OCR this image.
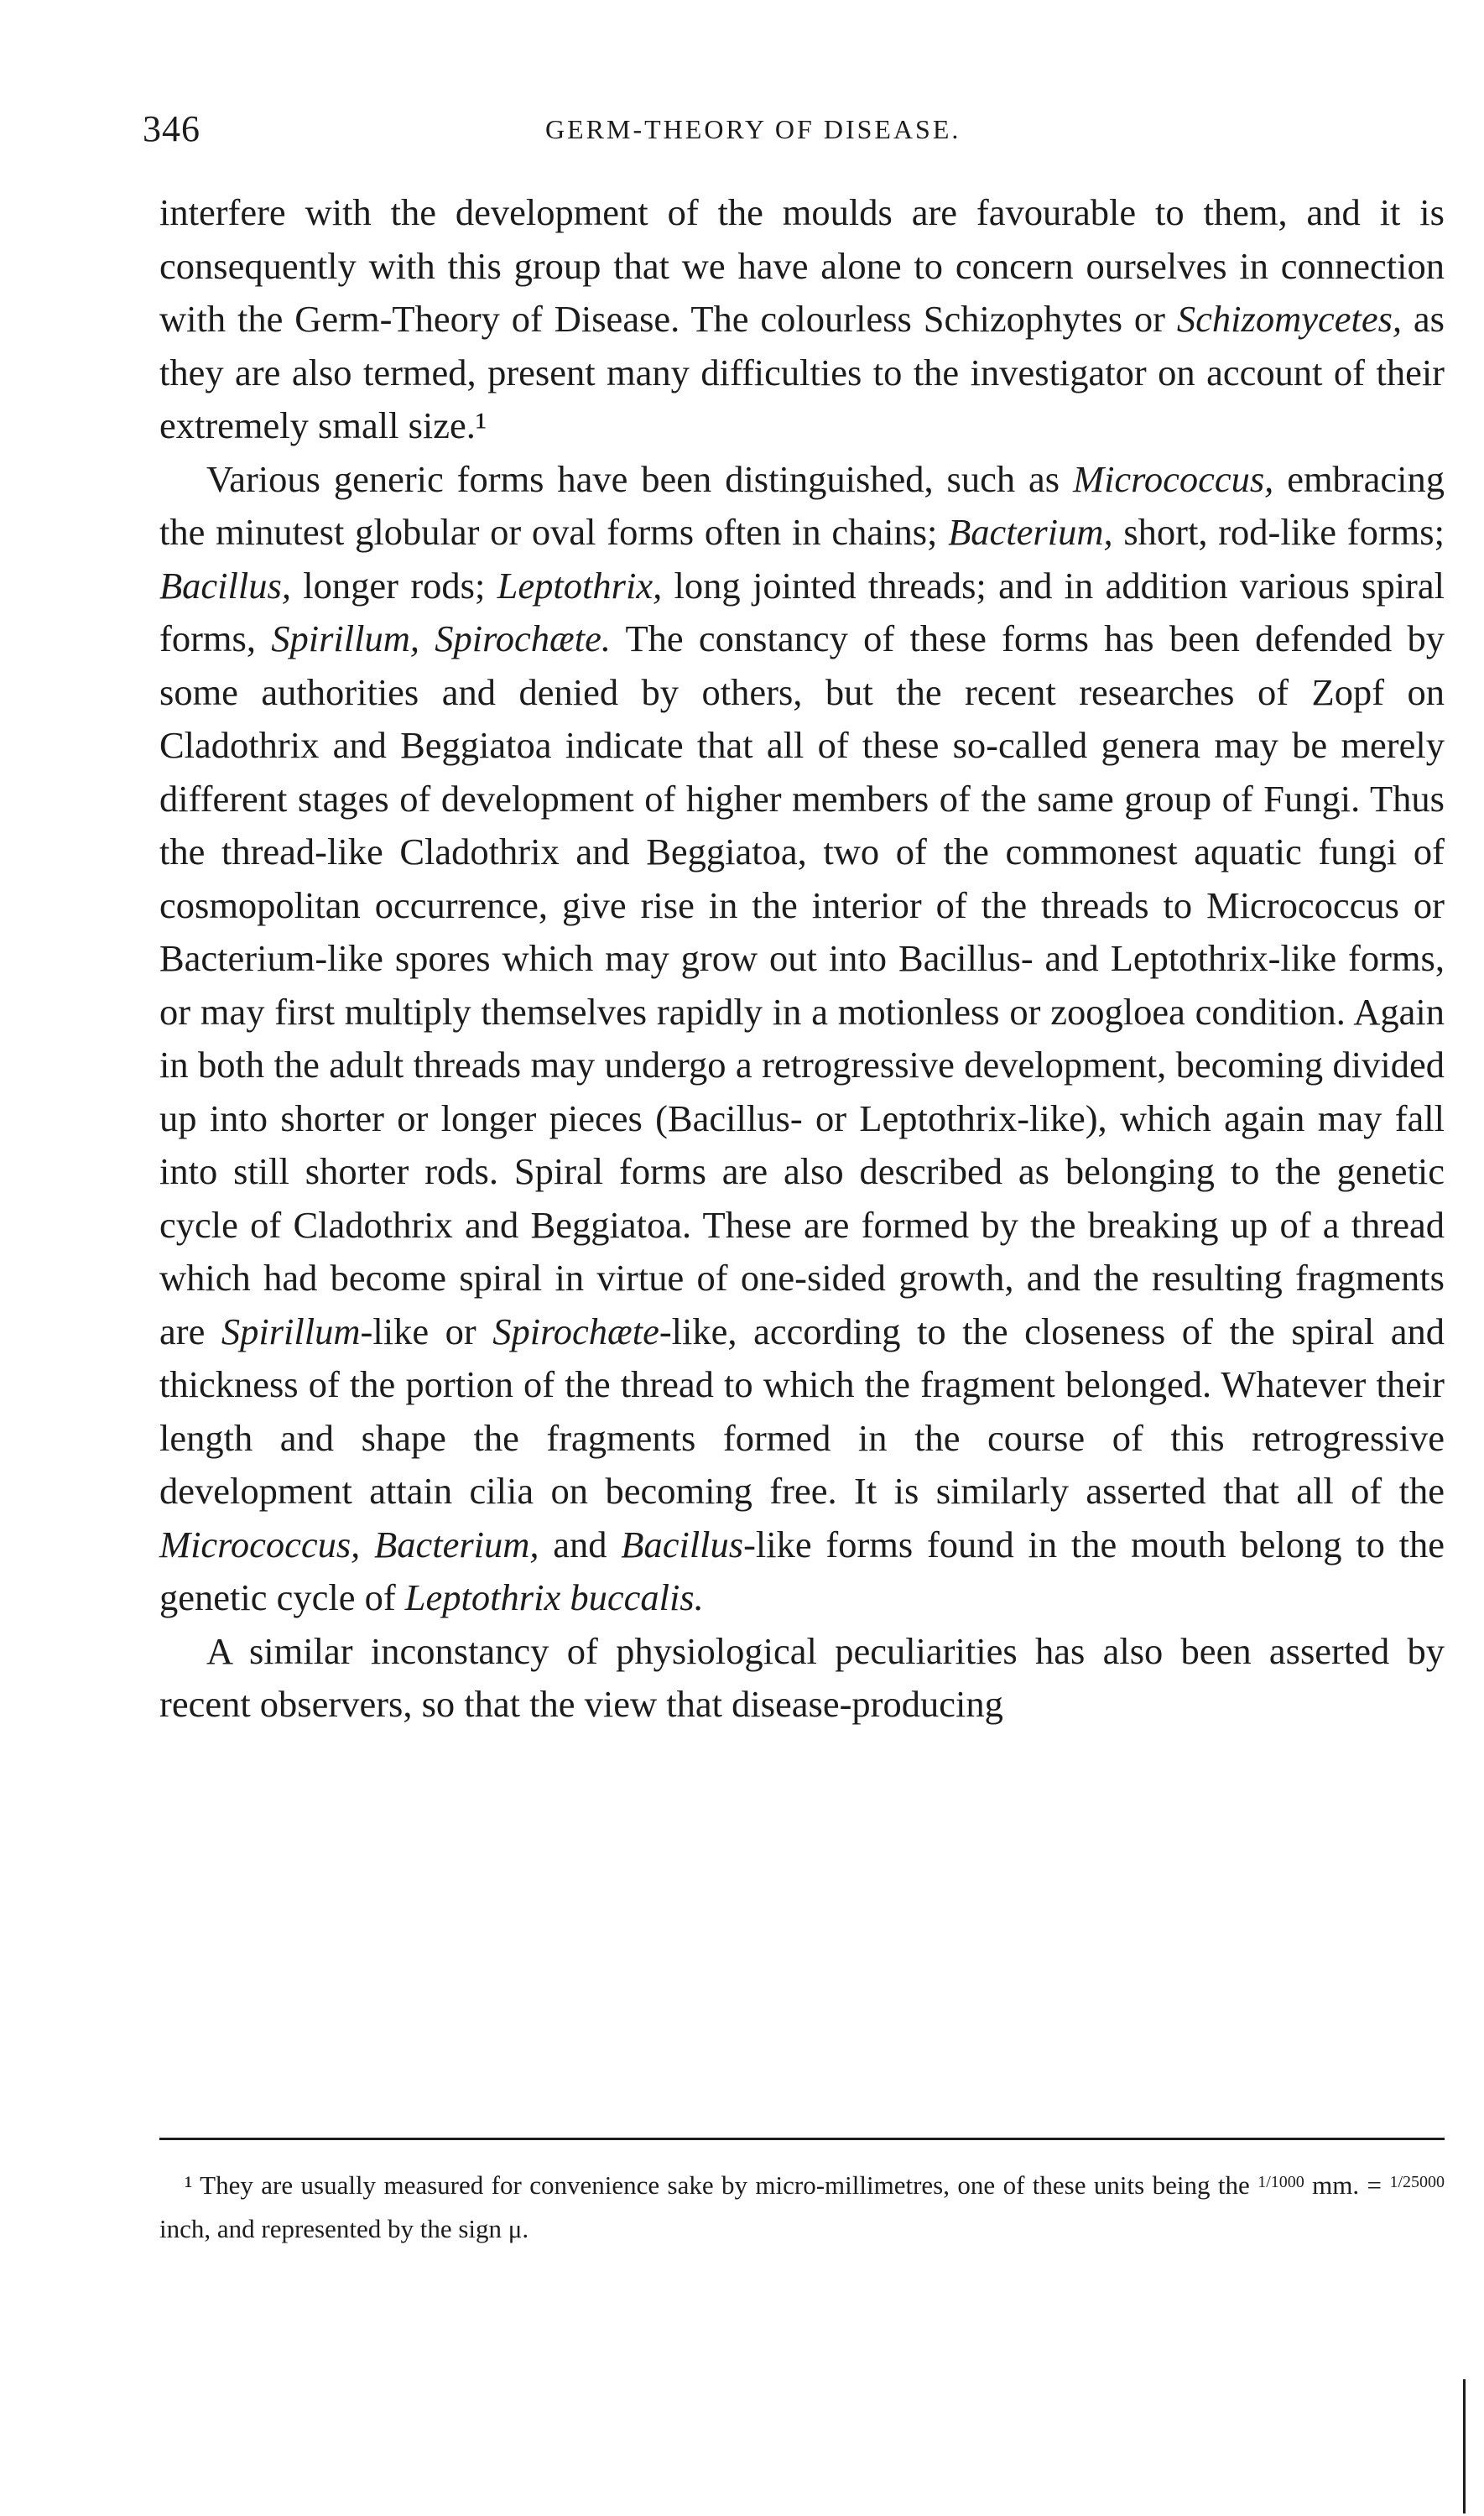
346	GERM-THEORY OF DISEASE.

interfere with the development of the moulds are favourable to them, and it is consequently with this group that we have alone to concern ourselves in connection with the Germ-Theory of Disease. The colourless Schizophytes or Schizomycetes, as they are also termed, present many difficulties to the investigator on account of their extremely small size.¹

Various generic forms have been distinguished, such as Micrococcus, embracing the minutest globular or oval forms often in chains; Bacterium, short, rod-like forms; Bacillus, longer rods; Leptothrix, long jointed threads; and in addition various spiral forms, Spirillum, Spirochæte. The constancy of these forms has been defended by some authorities and denied by others, but the recent researches of Zopf on Cladothrix and Beggiatoa indicate that all of these so-called genera may be merely different stages of development of higher members of the same group of Fungi. Thus the thread-like Cladothrix and Beggiatoa, two of the commonest aquatic fungi of cosmopolitan occurrence, give rise in the interior of the threads to Micrococcus or Bacterium-like spores which may grow out into Bacillus- and Leptothrix-like forms, or may first multiply themselves rapidly in a motionless or zoogloea condition. Again in both the adult threads may undergo a retrogressive development, becoming divided up into shorter or longer pieces (Bacillus- or Leptothrix-like), which again may fall into still shorter rods. Spiral forms are also described as belonging to the genetic cycle of Cladothrix and Beggiatoa. These are formed by the breaking up of a thread which had become spiral in virtue of one-sided growth, and the resulting fragments are Spirillum-like or Spirochæte-like, according to the closeness of the spiral and thickness of the portion of the thread to which the fragment belonged. Whatever their length and shape the fragments formed in the course of this retrogressive development attain cilia on becoming free. It is similarly asserted that all of the Micrococcus, Bacterium, and Bacillus-like forms found in the mouth belong to the genetic cycle of Leptothrix buccalis.

A similar inconstancy of physiological peculiarities has also been asserted by recent observers, so that the view that disease-producing

¹ They are usually measured for convenience sake by micro-millimetres, one of these units being the $^{1/1000}$ mm. = $^{1/25000}$ inch, and represented by the sign μ.
